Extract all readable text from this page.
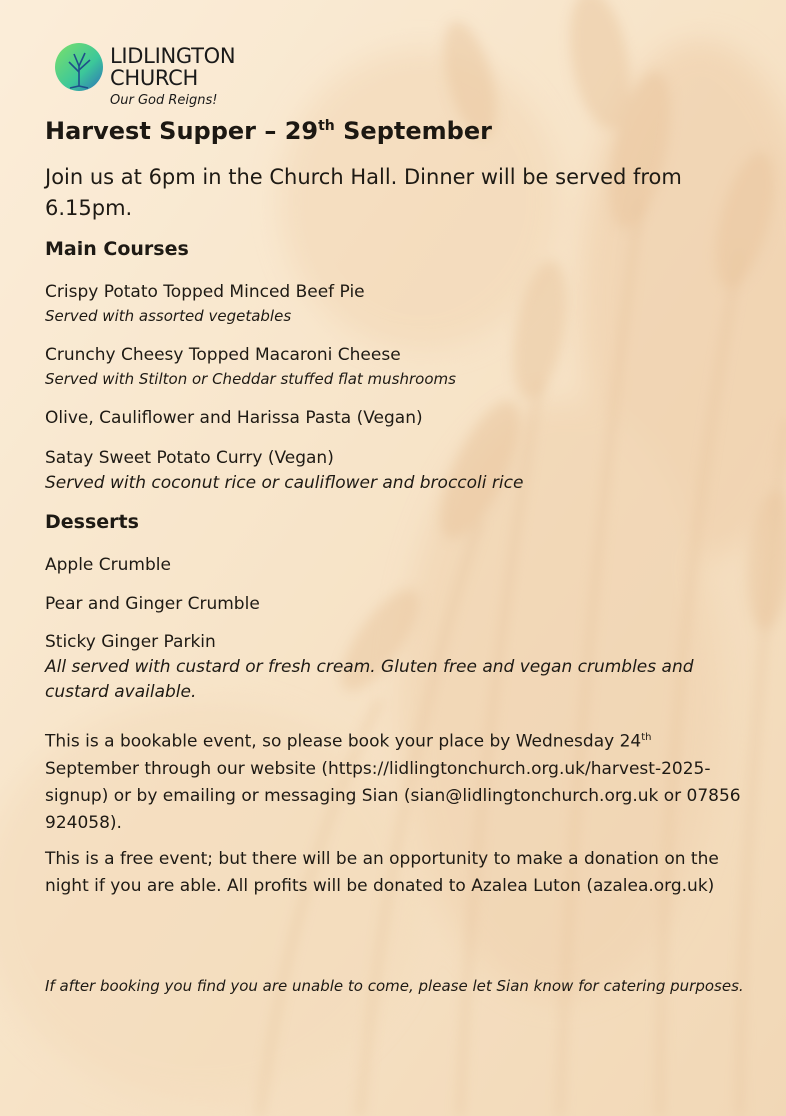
LIDLINGTON
CHURCH
Our God Reigns!
Harvest Supper – 29th September

Join us at 6pm in the Church Hall. Dinner will be served from 6.15pm.

Main Courses
Crispy Potato Topped Minced Beef Pie
Served with assorted vegetables
Crunchy Cheesy Topped Macaroni Cheese
Served with Stilton or Cheddar stuffed flat mushrooms
Olive, Cauliflower and Harissa Pasta (Vegan)
Satay Sweet Potato Curry (Vegan)
Served with coconut rice or cauliflower and broccoli rice
Desserts
Apple Crumble
Pear and Ginger Crumble
Sticky Ginger Parkin
All served with custard or fresh cream. Gluten free and vegan crumbles and custard available.

This is a bookable event, so please book your place by Wednesday 24th September through our website (https://lidlingtonchurch.org.uk/harvest-2025-signup) or by emailing or messaging Sian (sian@lidlingtonchurch.org.uk or 07856 924058).

This is a free event; but there will be an opportunity to make a donation on the night if you are able. All profits will be donated to Azalea Luton (azalea.org.uk)

If after booking you find you are unable to come, please let Sian know for catering purposes.
